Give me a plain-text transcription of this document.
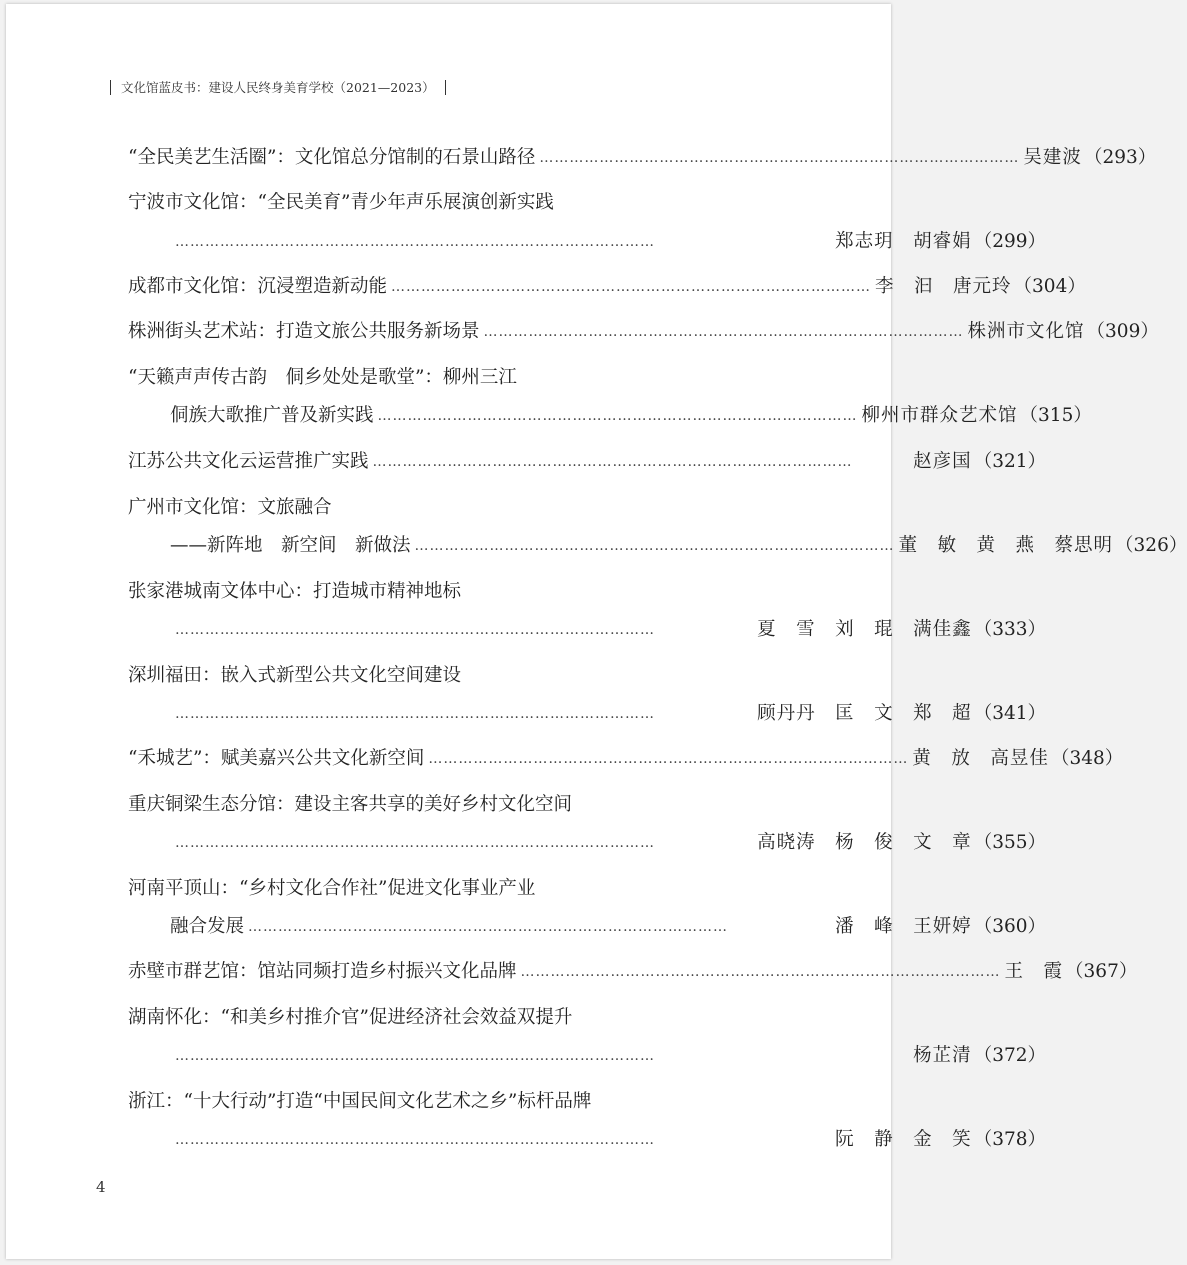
文化馆蓝皮书：建设人民终身美育学校（2021—2023）
“全民美艺生活圈”：文化馆总分馆制的石景山路径 …………………………………………………………………………………… 吴建波 （293）
宁波市文化馆：“全民美育”青少年声乐展演创新实践
……………………………………………………………………………………	郑志玥　胡睿娟 （299）
成都市文化馆：沉浸塑造新动能 …………………………………………………………………………………… 李　汩　唐元玲 （304）
株洲街头艺术站：打造文旅公共服务新场景 …………………………………………………………………………………… 株洲市文化馆 （309）
“天籁声声传古韵　侗乡处处是歌堂”：柳州三江
侗族大歌推广普及新实践 …………………………………………………………………………………… 柳州市群众艺术馆 （315）
江苏公共文化云运营推广实践 ……………………………………………………………………………………	赵彦国 （321）
广州市文化馆：文旅融合
——新阵地　新空间　新做法 …………………………………………………………………………………… 董　敏　黄　燕　蔡思明 （326）
张家港城南文体中心：打造城市精神地标
……………………………………………………………………………………	夏　雪　刘　琨　满佳鑫 （333）
深圳福田：嵌入式新型公共文化空间建设
……………………………………………………………………………………	顾丹丹　匡　文　郑　超 （341）
“禾城艺”：赋美嘉兴公共文化新空间 …………………………………………………………………………………… 黄　放　高昱佳 （348）
重庆铜梁生态分馆：建设主客共享的美好乡村文化空间
……………………………………………………………………………………	高晓涛　杨　俊　文　章 （355）
河南平顶山：“乡村文化合作社”促进文化事业产业
融合发展 ……………………………………………………………………………………	潘　峰　王妍婷 （360）
赤壁市群艺馆：馆站同频打造乡村振兴文化品牌 …………………………………………………………………………………… 王　霞 （367）
湖南怀化：“和美乡村推介官”促进经济社会效益双提升
……………………………………………………………………………………	杨芷清 （372）
浙江：“十大行动”打造“中国民间文化艺术之乡”标杆品牌
……………………………………………………………………………………	阮　静　金　笑 （378）
4
